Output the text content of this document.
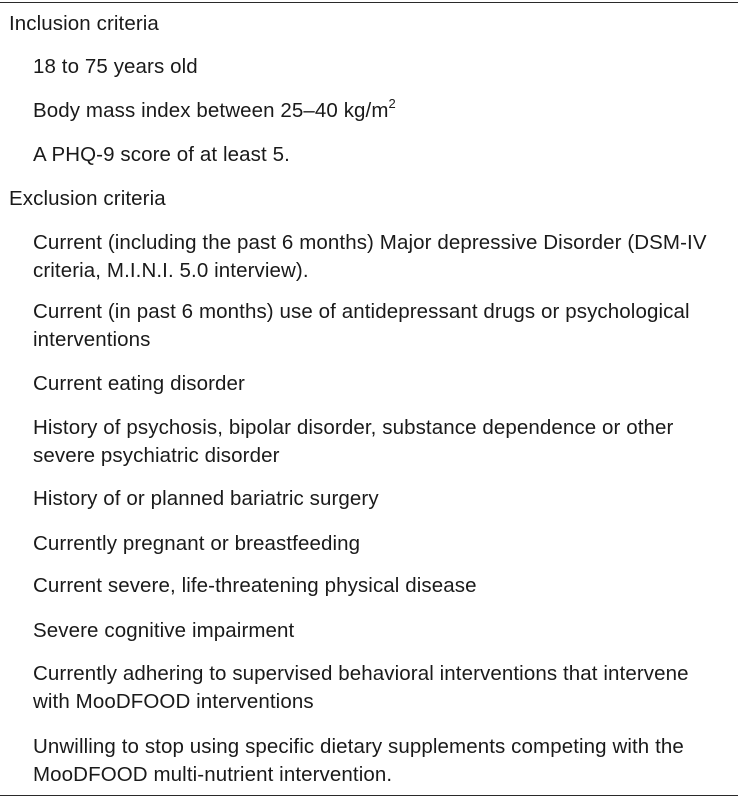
Inclusion criteria
18 to 75 years old
Body mass index between 25–40 $kg/m^2$
A PHQ-9 score of at least 5.
Exclusion criteria
Current (including the past 6 months) Major depressive Disorder (DSM-IV criteria, M.I.N.I. 5.0 interview).
Current (in past 6 months) use of antidepressant drugs or psychological interventions
Current eating disorder
History of psychosis, bipolar disorder, substance dependence or other severe psychiatric disorder
History of or planned bariatric surgery
Currently pregnant or breastfeeding
Current severe, life-threatening physical disease
Severe cognitive impairment
Currently adhering to supervised behavioral interventions that intervene with MooDFOOD interventions
Unwilling to stop using specific dietary supplements competing with the MooDFOOD multi-nutrient intervention.
